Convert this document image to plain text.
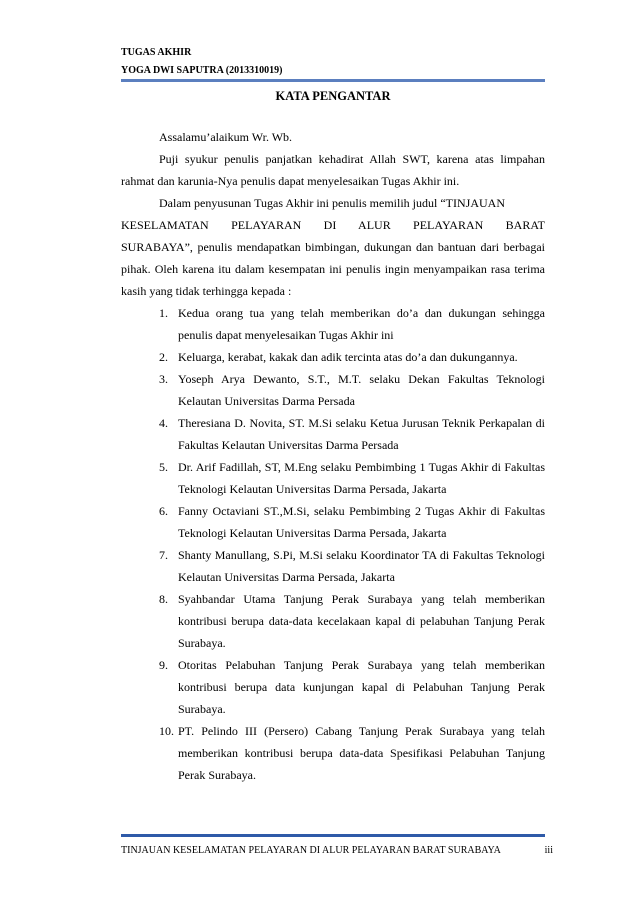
TUGAS AKHIR
YOGA DWI SAPUTRA (2013310019)
KATA PENGANTAR

Assalamu’alaikum Wr. Wb.

Puji syukur penulis panjatkan kehadirat Allah SWT, karena atas limpahan rahmat dan karunia-Nya penulis dapat menyelesaikan Tugas Akhir ini.

Dalam penyusunan Tugas Akhir ini penulis memilih judul “TINJAUAN

KESELAMATAN PELAYARAN DI ALUR PELAYARAN BARAT

SURABAYA”, penulis mendapatkan bimbingan, dukungan dan bantuan dari berbagai pihak. Oleh karena itu dalam kesempatan ini penulis ingin menyampaikan rasa terima kasih yang tidak terhingga kepada :

1. Kedua orang tua yang telah memberikan do’a dan dukungan sehingga penulis dapat menyelesaikan Tugas Akhir ini
2. Keluarga, kerabat, kakak dan adik tercinta atas do’a dan dukungannya.
3. Yoseph Arya Dewanto, S.T., M.T. selaku Dekan Fakultas Teknologi Kelautan Universitas Darma Persada
4. Theresiana D. Novita, ST. M.Si selaku Ketua Jurusan Teknik Perkapalan di Fakultas Kelautan Universitas Darma Persada
5. Dr. Arif Fadillah, ST, M.Eng selaku Pembimbing 1 Tugas Akhir di Fakultas Teknologi Kelautan Universitas Darma Persada, Jakarta
6. Fanny Octaviani ST.,M.Si, selaku Pembimbing 2 Tugas Akhir di Fakultas Teknologi Kelautan Universitas Darma Persada, Jakarta
7. Shanty Manullang, S.Pi, M.Si selaku Koordinator TA di Fakultas Teknologi Kelautan Universitas Darma Persada, Jakarta
8. Syahbandar Utama Tanjung Perak Surabaya yang telah memberikan kontribusi berupa data-data kecelakaan kapal di pelabuhan Tanjung Perak Surabaya.
9. Otoritas Pelabuhan Tanjung Perak Surabaya yang telah memberikan kontribusi berupa data kunjungan kapal di Pelabuhan Tanjung Perak Surabaya.
10. PT. Pelindo III (Persero) Cabang Tanjung Perak Surabaya yang telah memberikan kontribusi berupa data-data Spesifikasi Pelabuhan Tanjung Perak Surabaya.
TINJAUAN KESELAMATAN PELAYARAN DI ALUR PELAYARAN BARAT SURABAYA	iii
